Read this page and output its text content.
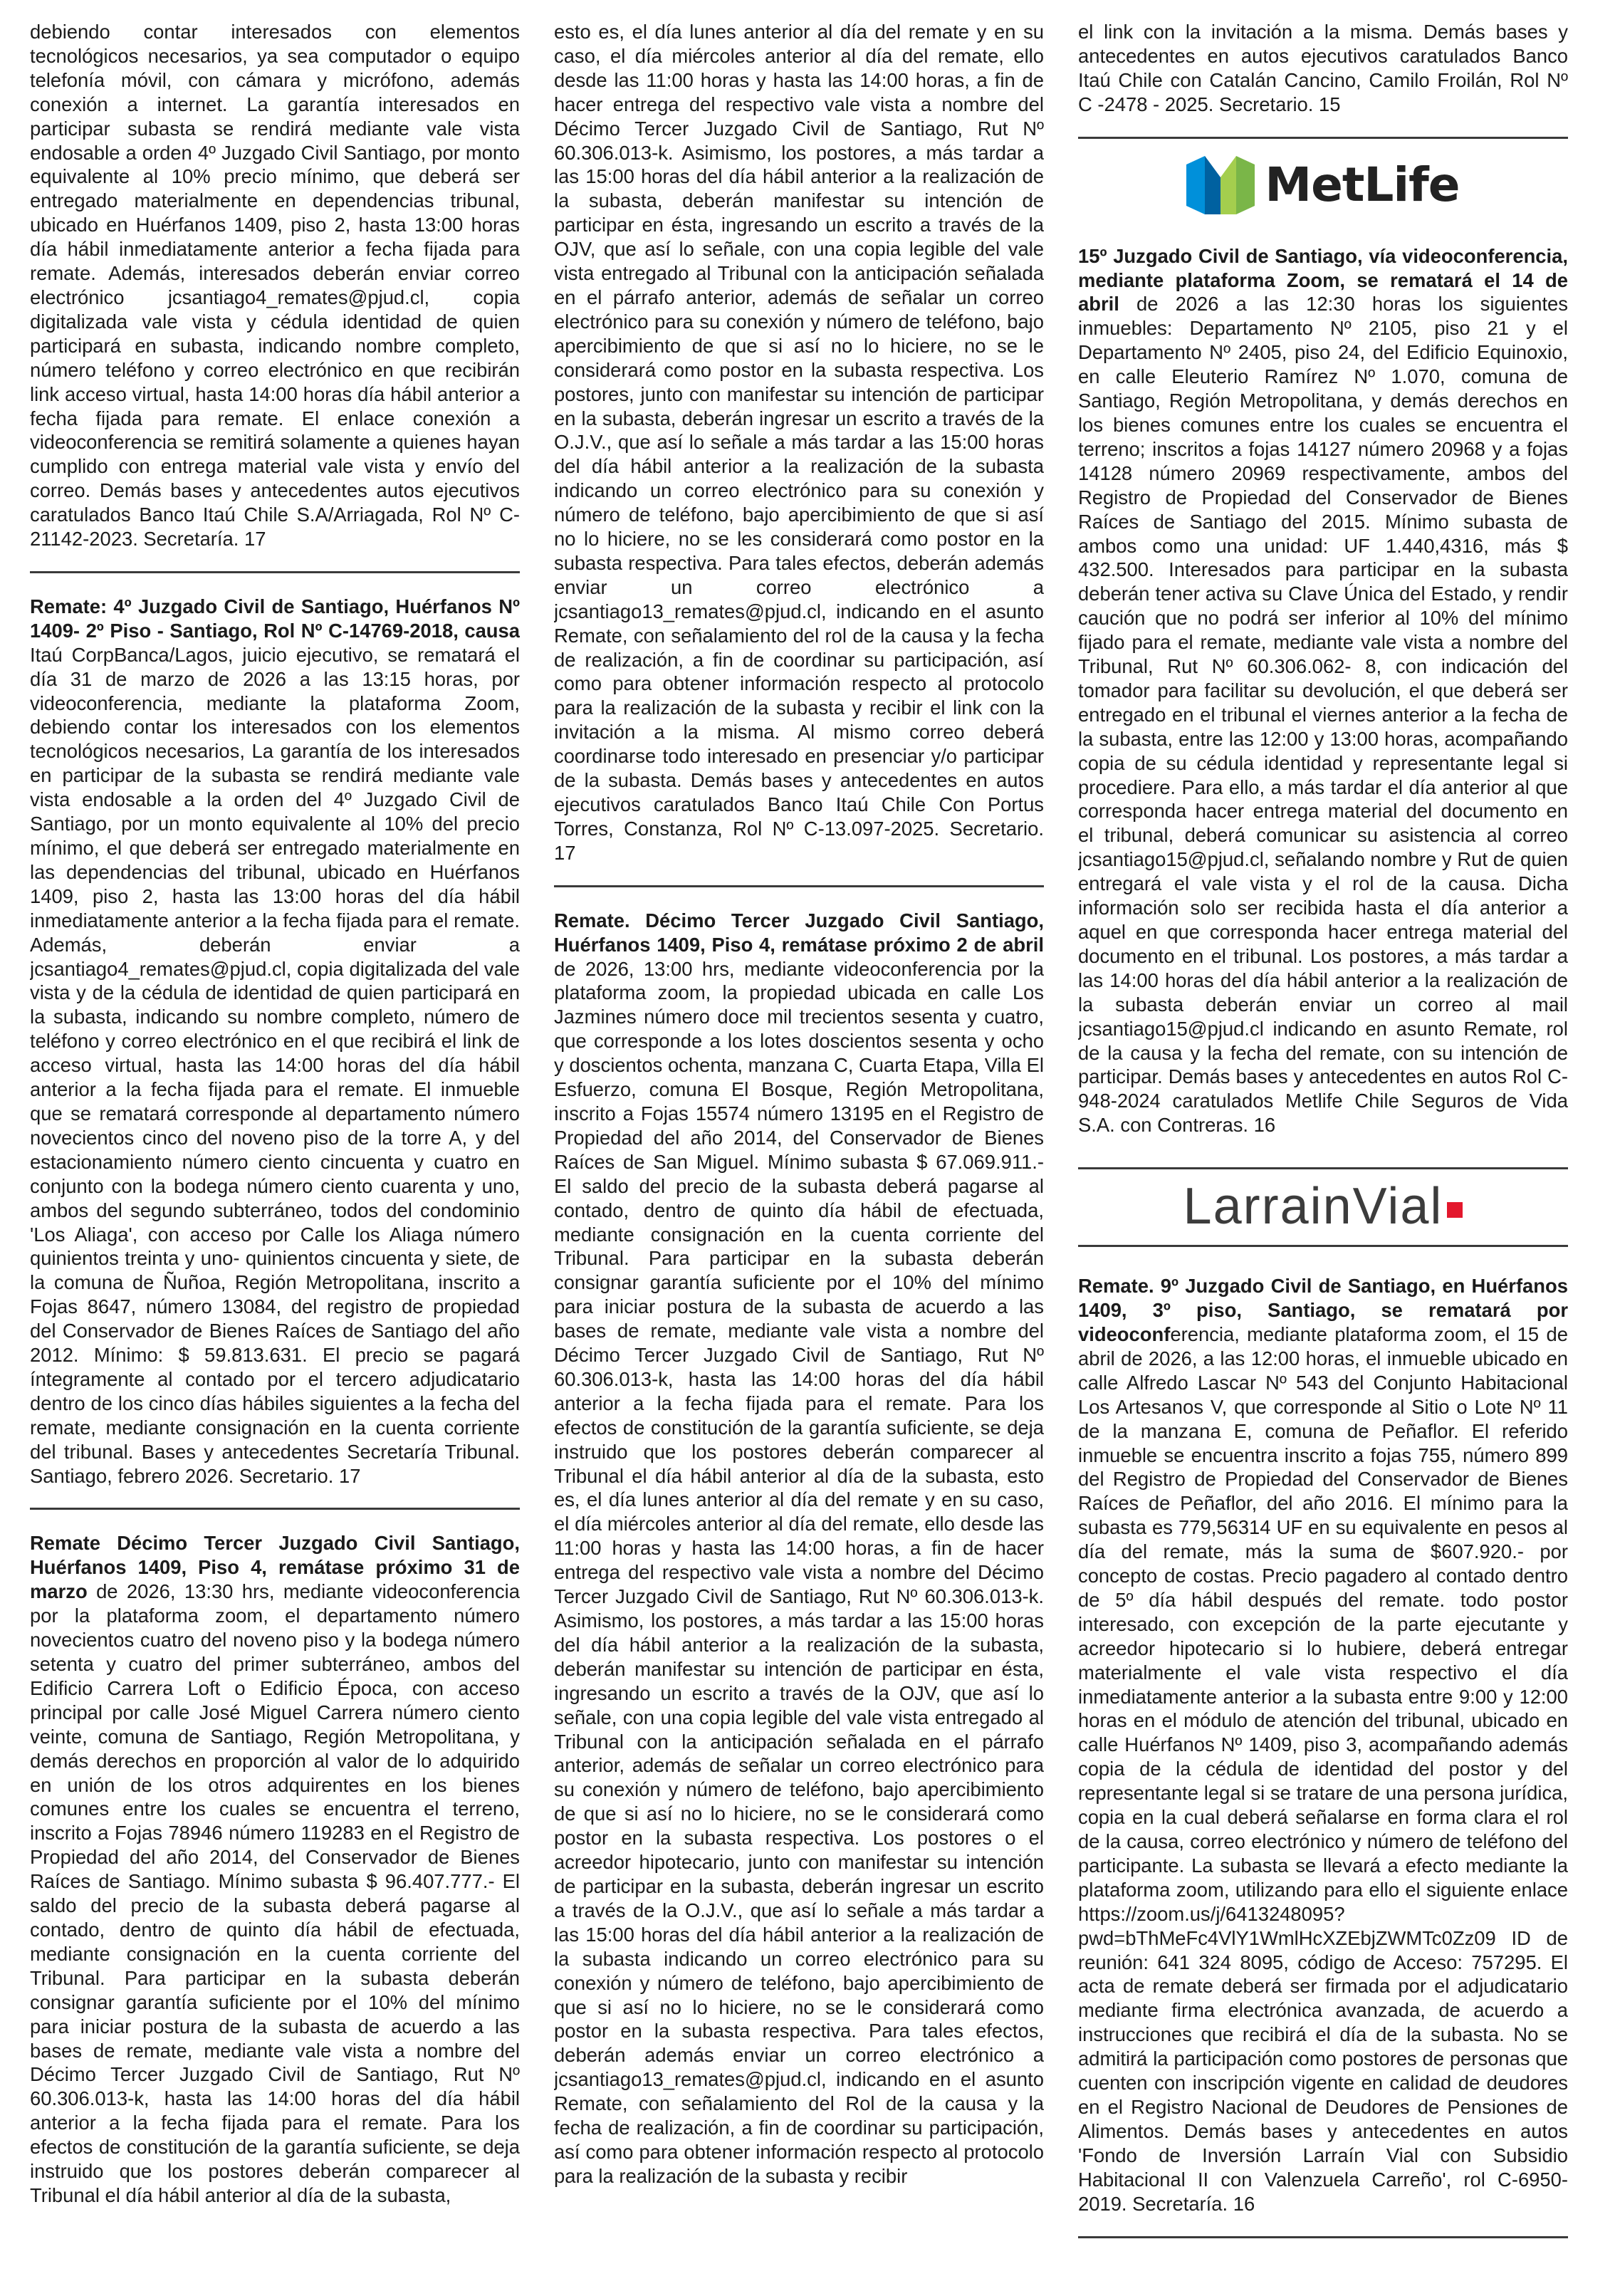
debiendo contar interesados con elementos tecnológicos necesarios, ya sea computador o equipo telefonía móvil, con cámara y micrófono, además conexión a internet. La garantía interesados en participar subasta se rendirá mediante vale vista endosable a orden 4º Juzgado Civil Santiago, por monto equivalente al 10% precio mínimo, que deberá ser entregado materialmente en dependencias tribunal, ubicado en Huérfanos 1409, piso 2, hasta 13:00 horas día hábil inmediatamente anterior a fecha fijada para remate. Además, interesados deberán enviar correo electrónico jcsantiago4_remates@pjud.cl, copia digitalizada vale vista y cédula identidad de quien participará en subasta, indicando nombre completo, número teléfono y correo electrónico en que recibirán link acceso virtual, hasta 14:00 horas día hábil anterior a fecha fijada para remate. El enlace conexión a videoconferencia se remitirá solamente a quienes hayan cumplido con entrega material vale vista y envío del correo. Demás bases y antecedentes autos ejecutivos caratulados Banco Itaú Chile S.A/Arriagada, Rol Nº C-21142-2023. Secretaría. 17

Remate: 4º Juzgado Civil de Santiago, Huérfanos Nº 1409- 2º Piso - Santiago, Rol Nº C-14769-2018, causa Itaú CorpBanca/Lagos, juicio ejecutivo, se rematará el día 31 de marzo de 2026 a las 13:15 horas, por videoconferencia, mediante la plataforma Zoom, debiendo contar los interesados con los elementos tecnológicos necesarios, La garantía de los interesados en participar de la subasta se rendirá mediante vale vista endosable a la orden del 4º Juzgado Civil de Santiago, por un monto equivalente al 10% del precio mínimo, el que deberá ser entregado materialmente en las dependencias del tribunal, ubicado en Huérfanos 1409, piso 2, hasta las 13:00 horas del día hábil inmediatamente anterior a la fecha fijada para el remate. Además, deberán enviar a jcsantiago4_remates@pjud.cl, copia digitalizada del vale vista y de la cédula de identidad de quien participará en la subasta, indicando su nombre completo, número de teléfono y correo electrónico en el que recibirá el link de acceso virtual, hasta las 14:00 horas del día hábil anterior a la fecha fijada para el remate. El inmueble que se rematará corresponde al departamento número novecientos cinco del noveno piso de la torre A, y del estacionamiento número ciento cincuenta y cuatro en conjunto con la bodega número ciento cuarenta y uno, ambos del segundo subterráneo, todos del condominio 'Los Aliaga', con acceso por Calle los Aliaga número quinientos treinta y uno- quinientos cincuenta y siete, de la comuna de Ñuñoa, Región Metropolitana, inscrito a Fojas 8647, número 13084, del registro de propiedad del Conservador de Bienes Raíces de Santiago del año 2012. Mínimo: $ 59.813.631. El precio se pagará íntegramente al contado por el tercero adjudicatario dentro de los cinco días hábiles siguientes a la fecha del remate, mediante consignación en la cuenta corriente del tribunal. Bases y antecedentes Secretaría Tribunal. Santiago, febrero 2026. Secretario. 17

Remate Décimo Tercer Juzgado Civil Santiago, Huérfanos 1409, Piso 4, remátase próximo 31 de marzo de 2026, 13:30 hrs, mediante videoconferencia por la plataforma zoom, el departamento número novecientos cuatro del noveno piso y la bodega número setenta y cuatro del primer subterráneo, ambos del Edificio Carrera Loft o Edificio Época, con acceso principal por calle José Miguel Carrera número ciento veinte, comuna de Santiago, Región Metropolitana, y demás derechos en proporción al valor de lo adquirido en unión de los otros adquirentes en los bienes comunes entre los cuales se encuentra el terreno, inscrito a Fojas 78946 número 119283 en el Registro de Propiedad del año 2014, del Conservador de Bienes Raíces de Santiago. Mínimo subasta $ 96.407.777.- El saldo del precio de la subasta deberá pagarse al contado, dentro de quinto día hábil de efectuada, mediante consignación en la cuenta corriente del Tribunal. Para participar en la subasta deberán consignar garantía suficiente por el 10% del mínimo para iniciar postura de la subasta de acuerdo a las bases de remate, mediante vale vista a nombre del Décimo Tercer Juzgado Civil de Santiago, Rut Nº 60.306.013-k, hasta las 14:00 horas del día hábil anterior a la fecha fijada para el remate. Para los efectos de constitución de la garantía suficiente, se deja instruido que los postores deberán comparecer al Tribunal el día hábil anterior al día de la subasta,

esto es, el día lunes anterior al día del remate y en su caso, el día miércoles anterior al día del remate, ello desde las 11:00 horas y hasta las 14:00 horas, a fin de hacer entrega del respectivo vale vista a nombre del Décimo Tercer Juzgado Civil de Santiago, Rut Nº 60.306.013-k. Asimismo, los postores, a más tardar a las 15:00 horas del día hábil anterior a la realización de la subasta, deberán manifestar su intención de participar en ésta, ingresando un escrito a través de la OJV, que así lo señale, con una copia legible del vale vista entregado al Tribunal con la anticipación señalada en el párrafo anterior, además de señalar un correo electrónico para su conexión y número de teléfono, bajo apercibimiento de que si así no lo hiciere, no se le considerará como postor en la subasta respectiva. Los postores, junto con manifestar su intención de participar en la subasta, deberán ingresar un escrito a través de la O.J.V., que así lo señale a más tardar a las 15:00 horas del día hábil anterior a la realización de la subasta indicando un correo electrónico para su conexión y número de teléfono, bajo apercibimiento de que si así no lo hiciere, no se les considerará como postor en la subasta respectiva. Para tales efectos, deberán además enviar un correo electrónico a jcsantiago13_remates@pjud.cl, indicando en el asunto Remate, con señalamiento del rol de la causa y la fecha de realización, a fin de coordinar su participación, así como para obtener información respecto al protocolo para la realización de la subasta y recibir el link con la invitación a la misma. Al mismo correo deberá coordinarse todo interesado en presenciar y/o participar de la subasta. Demás bases y antecedentes en autos ejecutivos caratulados Banco Itaú Chile Con Portus Torres, Constanza, Rol Nº C-13.097-2025. Secretario. 17

Remate. Décimo Tercer Juzgado Civil Santiago, Huérfanos 1409, Piso 4, remátase próximo 2 de abril de 2026, 13:00 hrs, mediante videoconferencia por la plataforma zoom, la propiedad ubicada en calle Los Jazmines número doce mil trecientos sesenta y cuatro, que corresponde a los lotes doscientos sesenta y ocho y doscientos ochenta, manzana C, Cuarta Etapa, Villa El Esfuerzo, comuna El Bosque, Región Metropolitana, inscrito a Fojas 15574 número 13195 en el Registro de Propiedad del año 2014, del Conservador de Bienes Raíces de San Miguel. Mínimo subasta $ 67.069.911.- El saldo del precio de la subasta deberá pagarse al contado, dentro de quinto día hábil de efectuada, mediante consignación en la cuenta corriente del Tribunal. Para participar en la subasta deberán consignar garantía suficiente por el 10% del mínimo para iniciar postura de la subasta de acuerdo a las bases de remate, mediante vale vista a nombre del Décimo Tercer Juzgado Civil de Santiago, Rut Nº 60.306.013-k, hasta las 14:00 horas del día hábil anterior a la fecha fijada para el remate. Para los efectos de constitución de la garantía suficiente, se deja instruido que los postores deberán comparecer al Tribunal el día hábil anterior al día de la subasta, esto es, el día lunes anterior al día del remate y en su caso, el día miércoles anterior al día del remate, ello desde las 11:00 horas y hasta las 14:00 horas, a fin de hacer entrega del respectivo vale vista a nombre del Décimo Tercer Juzgado Civil de Santiago, Rut Nº 60.306.013-k. Asimismo, los postores, a más tardar a las 15:00 horas del día hábil anterior a la realización de la subasta, deberán manifestar su intención de participar en ésta, ingresando un escrito a través de la OJV, que así lo señale, con una copia legible del vale vista entregado al Tribunal con la anticipación señalada en el párrafo anterior, además de señalar un correo electrónico para su conexión y número de teléfono, bajo apercibimiento de que si así no lo hiciere, no se le considerará como postor en la subasta respectiva. Los postores o el acreedor hipotecario, junto con manifestar su intención de participar en la subasta, deberán ingresar un escrito a través de la O.J.V., que así lo señale a más tardar a las 15:00 horas del día hábil anterior a la realización de la subasta indicando un correo electrónico para su conexión y número de teléfono, bajo apercibimiento de que si así no lo hiciere, no se le considerará como postor en la subasta respectiva. Para tales efectos, deberán además enviar un correo electrónico a jcsantiago13_remates@pjud.cl, indicando en el asunto Remate, con señalamiento del Rol de la causa y la fecha de realización, a fin de coordinar su participación, así como para obtener información respecto al protocolo para la realización de la subasta y recibir

el link con la invitación a la misma. Demás bases y antecedentes en autos ejecutivos caratulados Banco Itaú Chile con Catalán Cancino, Camilo Froilán, Rol Nº C -2478 - 2025. Secretario. 15

MetLife

15º Juzgado Civil de Santiago, vía videoconferencia, mediante plataforma Zoom, se rematará el 14 de abril de 2026 a las 12:30 horas los siguientes inmuebles: Departamento Nº 2105, piso 21 y el Departamento Nº 2405, piso 24, del Edificio Equinoxio, en calle Eleuterio Ramírez Nº 1.070, comuna de Santiago, Región Metropolitana, y demás derechos en los bienes comunes entre los cuales se encuentra el terreno; inscritos a fojas 14127 número 20968 y a fojas 14128 número 20969 respectivamente, ambos del Registro de Propiedad del Conservador de Bienes Raíces de Santiago del 2015. Mínimo subasta de ambos como una unidad: UF 1.440,4316, más $ 432.500. Interesados para participar en la subasta deberán tener activa su Clave Única del Estado, y rendir caución que no podrá ser inferior al 10% del mínimo fijado para el remate, mediante vale vista a nombre del Tribunal, Rut Nº 60.306.062- 8, con indicación del tomador para facilitar su devolución, el que deberá ser entregado en el tribunal el viernes anterior a la fecha de la subasta, entre las 12:00 y 13:00 horas, acompañando copia de su cédula identidad y representante legal si procediere. Para ello, a más tardar el día anterior al que corresponda hacer entrega material del documento en el tribunal, deberá comunicar su asistencia al correo jcsantiago15@pjud.cl, señalando nombre y Rut de quien entregará el vale vista y el rol de la causa. Dicha información solo ser recibida hasta el día anterior a aquel en que corresponda hacer entrega material del documento en el tribunal. Los postores, a más tardar a las 14:00 horas del día hábil anterior a la realización de la subasta deberán enviar un correo al mail jcsantiago15@pjud.cl indicando en asunto Remate, rol de la causa y la fecha del remate, con su intención de participar. Demás bases y antecedentes en autos Rol C-948-2024 caratulados Metlife Chile Seguros de Vida S.A. con Contreras. 16

LarrainVial

Remate. 9º Juzgado Civil de Santiago, en Huérfanos 1409, 3º piso, Santiago, se rematará por videoconferencia, mediante plataforma zoom, el 15 de abril de 2026, a las 12:00 horas, el inmueble ubicado en calle Alfredo Lascar Nº 543 del Conjunto Habitacional Los Artesanos V, que corresponde al Sitio o Lote Nº 11 de la manzana E, comuna de Peñaflor. El referido inmueble se encuentra inscrito a fojas 755, número 899 del Registro de Propiedad del Conservador de Bienes Raíces de Peñaflor, del año 2016. El mínimo para la subasta es 779,56314 UF en su equivalente en pesos al día del remate, más la suma de $607.920.- por concepto de costas. Precio pagadero al contado dentro de 5º día hábil después del remate. todo postor interesado, con excepción de la parte ejecutante y acreedor hipotecario si lo hubiere, deberá entregar materialmente el vale vista respectivo el día inmediatamente anterior a la subasta entre 9:00 y 12:00 horas en el módulo de atención del tribunal, ubicado en calle Huérfanos Nº 1409, piso 3, acompañando además copia de la cédula de identidad del postor y del representante legal si se tratare de una persona jurídica, copia en la cual deberá señalarse en forma clara el rol de la causa, correo electrónico y número de teléfono del participante. La subasta se llevará a efecto mediante la plataforma zoom, utilizando para ello el siguiente enlace https://zoom.us/j/6413248095? pwd=bThMeFc4VlY1WmlHcXZEbjZWMTc0Zz09 ID de reunión: 641 324 8095, código de Acceso: 757295. El acta de remate deberá ser firmada por el adjudicatario mediante firma electrónica avanzada, de acuerdo a instrucciones que recibirá el día de la subasta. No se admitirá la participación como postores de personas que cuenten con inscripción vigente en calidad de deudores en el Registro Nacional de Deudores de Pensiones de Alimentos. Demás bases y antecedentes en autos 'Fondo de Inversión Larraín Vial con Subsidio Habitacional II con Valenzuela Carreño', rol C-6950-2019. Secretaría. 16
